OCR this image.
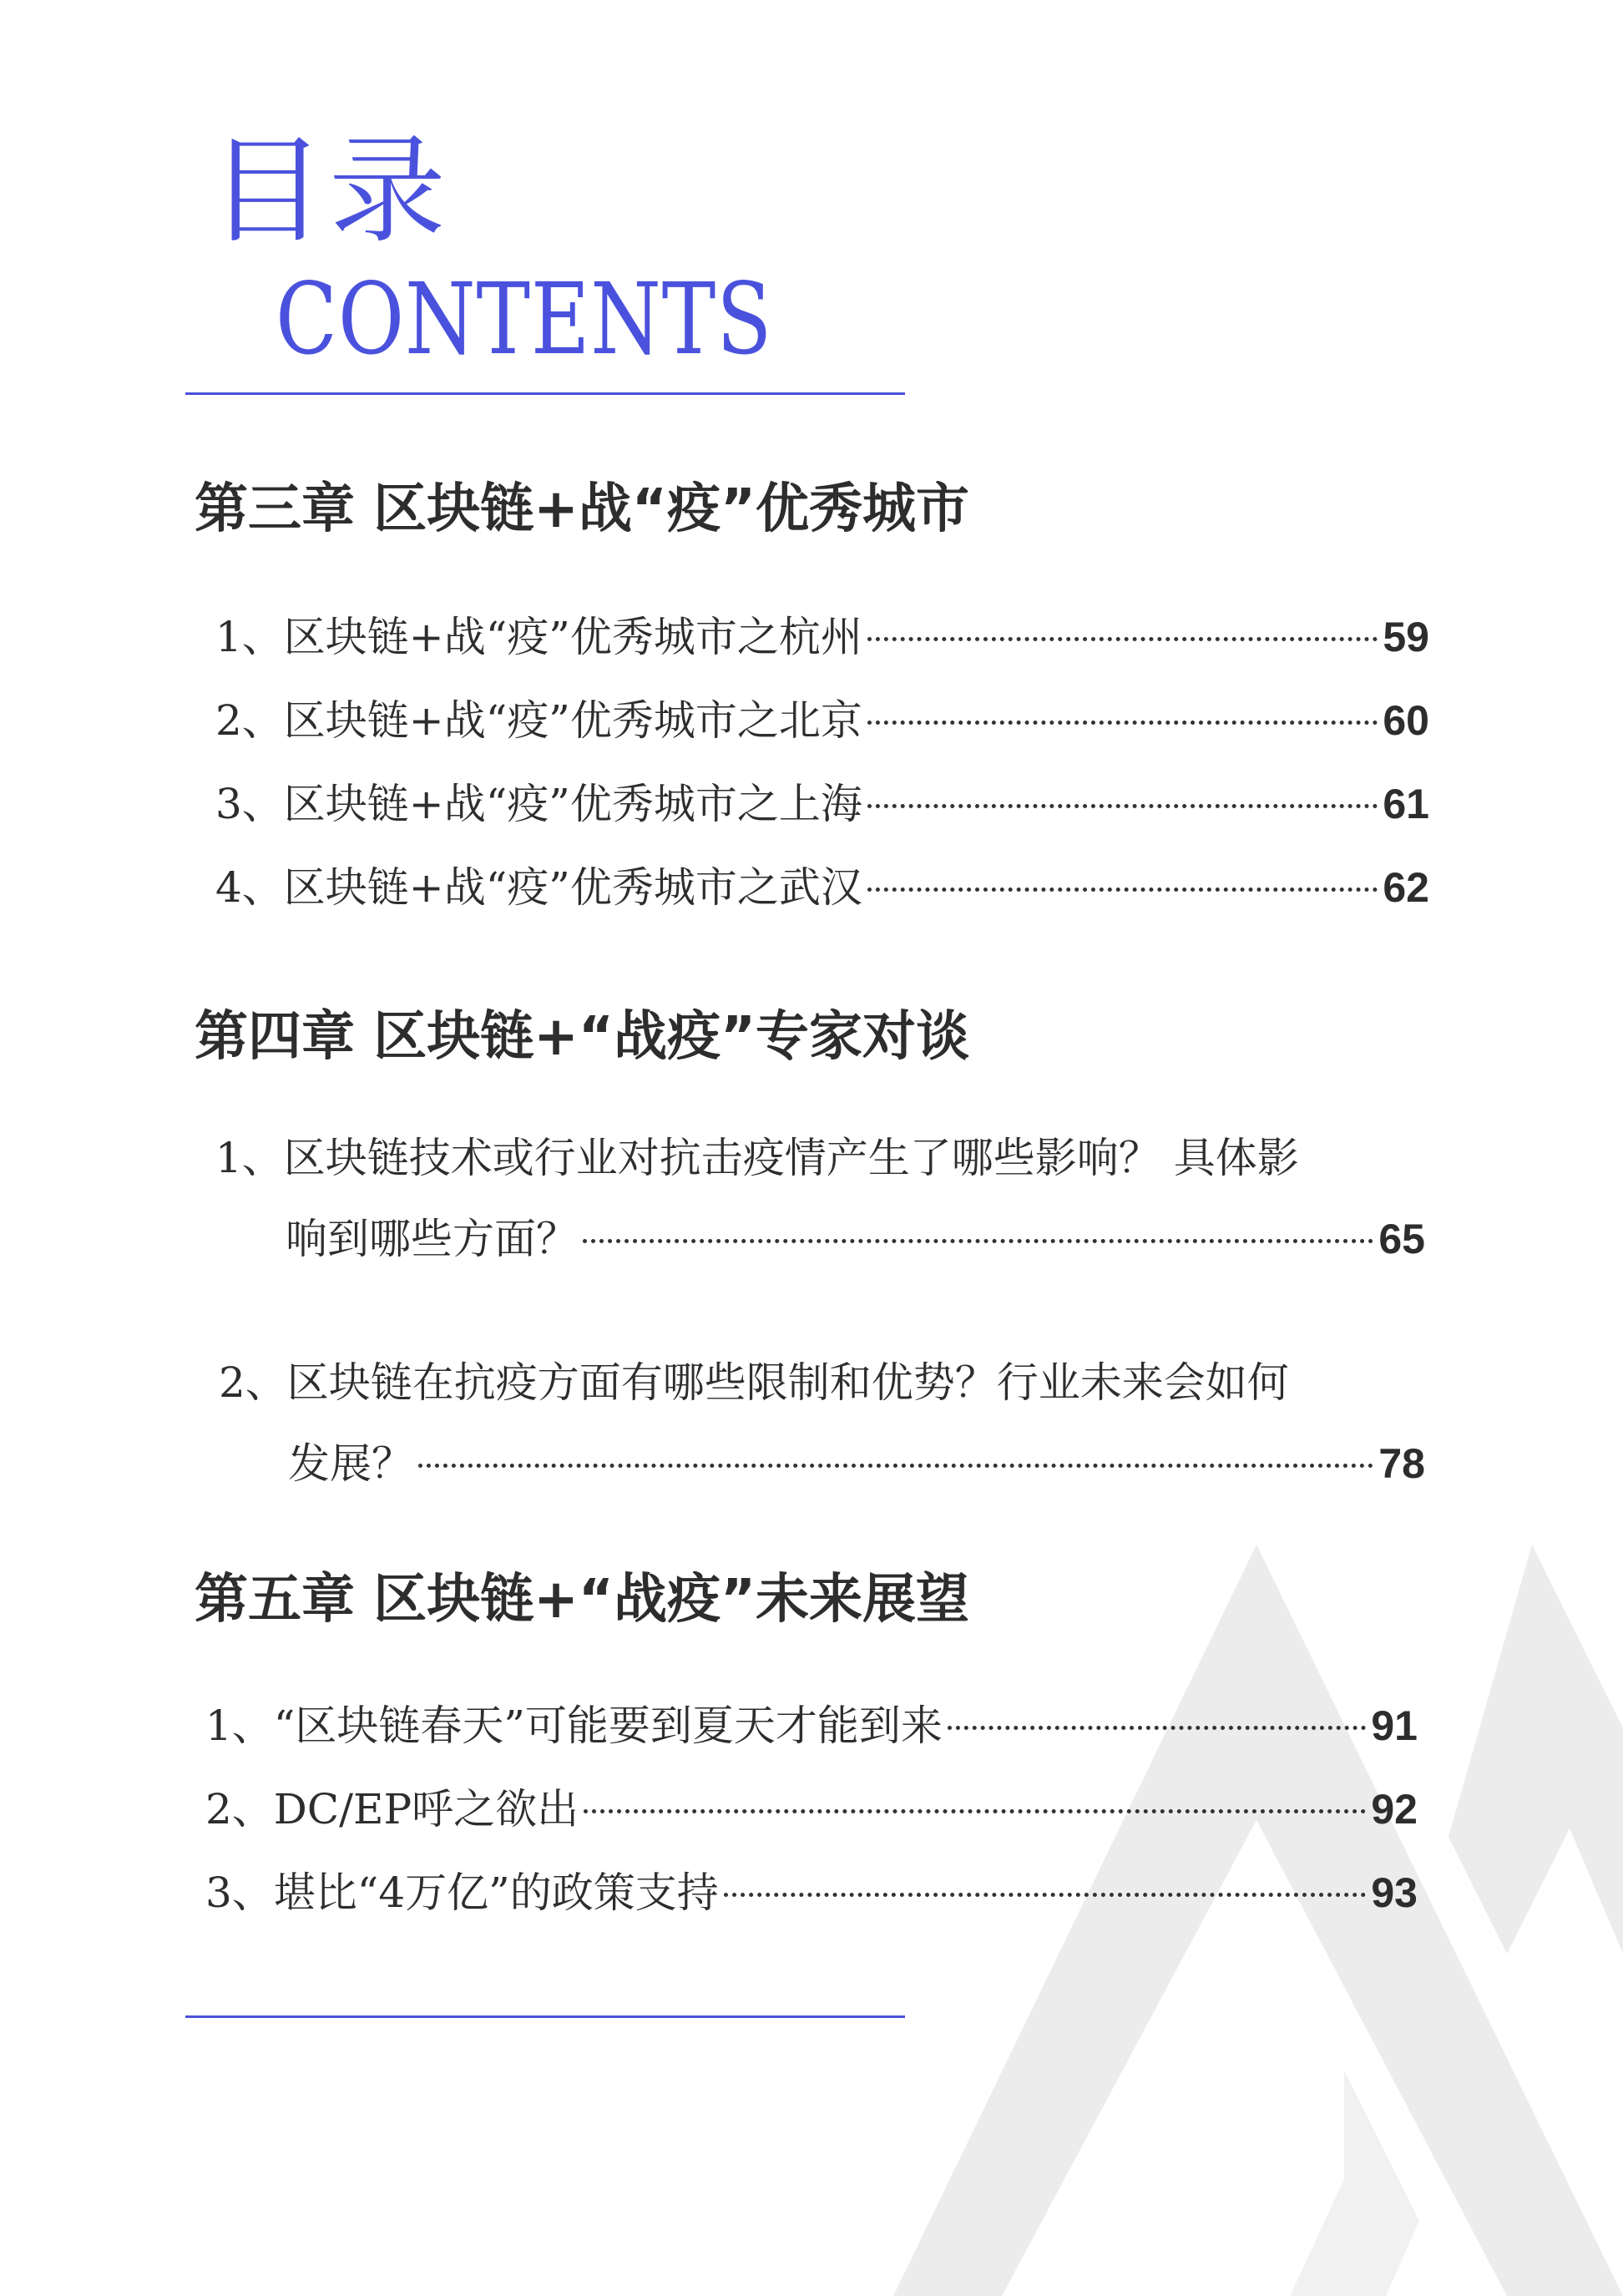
目录
CONTENTS
第三章 区块链+战“疫”优秀城市
1、区块链+战“疫”优秀城市之杭州	59
2、区块链+战“疫”优秀城市之北京	60
3、区块链+战“疫”优秀城市之上海	61
4、区块链+战“疫”优秀城市之武汉	62
第四章 区块链+“战疫”专家对谈
1、区块链技术或行业对抗击疫情产生了哪些影响？ 具体影
响到哪些方面？	65
2、区块链在抗疫方面有哪些限制和优势？行业未来会如何
发展？	78
第五章 区块链+“战疫”未来展望
1、“区块链春天”可能要到夏天才能到来	91
2、DC/EP呼之欲出	92
3、堪比“4万亿”的政策支持	93
